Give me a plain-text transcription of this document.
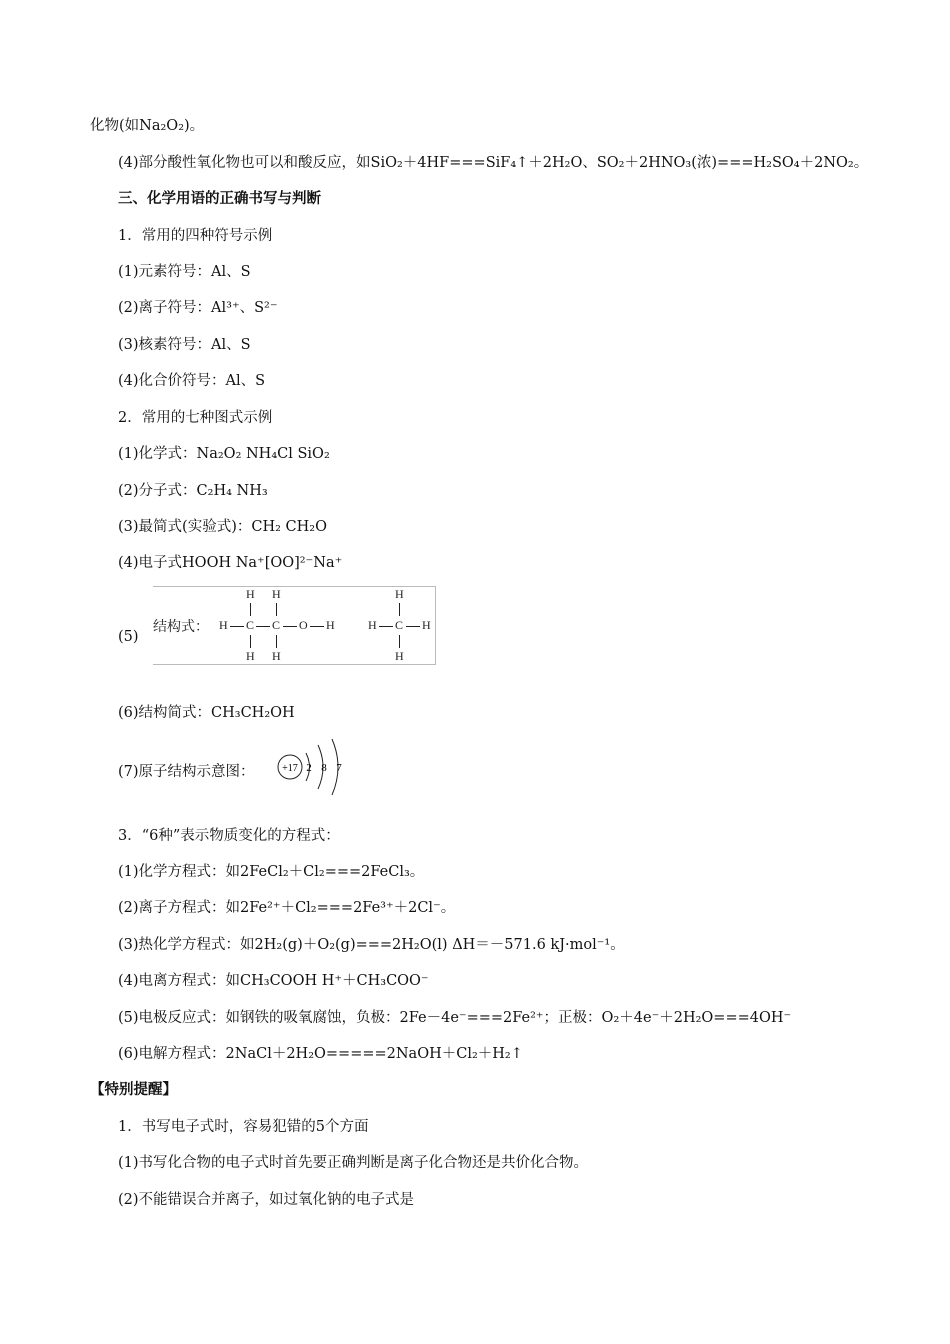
化物(如Na₂O₂)。
(4)部分酸性氧化物也可以和酸反应，如SiO₂＋4HF===SiF₄↑＋2H₂O、SO₂＋2HNO₃(浓)===H₂SO₄＋2NO₂。
三、化学用语的正确书写与判断
1．常用的四种符号示例
(1)元素符号：Al、S
(2)离子符号：Al³⁺、S²⁻
(3)核素符号：Al、S
(4)化合价符号：Al、S
2．常用的七种图式示例
(1)化学式：Na₂O₂ NH₄Cl SiO₂
(2)分子式：C₂H₄ NH₃
(3)最简式(实验式)：CH₂ CH₂O
(4)电子式HOOH Na⁺[OO]²⁻Na⁺
(5)
结构式： H C C O H
H H
H H
H C H
H
H
(6)结构简式：CH₃CH₂OH
(7)原子结构示意图：	+17 2 8 7
3．“6种”表示物质变化的方程式：
(1)化学方程式：如2FeCl₂＋Cl₂===2FeCl₃。
(2)离子方程式：如2Fe²⁺＋Cl₂===2Fe³⁺＋2Cl⁻。
(3)热化学方程式：如2H₂(g)＋O₂(g)===2H₂O(l) ΔH＝－571.6 kJ·mol⁻¹。
(4)电离方程式：如CH₃COOH H⁺＋CH₃COO⁻
(5)电极反应式：如钢铁的吸氧腐蚀，负极：2Fe－4e⁻===2Fe²⁺；正极：O₂＋4e⁻＋2H₂O===4OH⁻
(6)电解方程式：2NaCl＋2H₂O=====2NaOH＋Cl₂＋H₂↑
【特别提醒】
1．书写电子式时，容易犯错的5个方面
(1)书写化合物的电子式时首先要正确判断是离子化合物还是共价化合物。
(2)不能错误合并离子，如过氧化钠的电子式是
